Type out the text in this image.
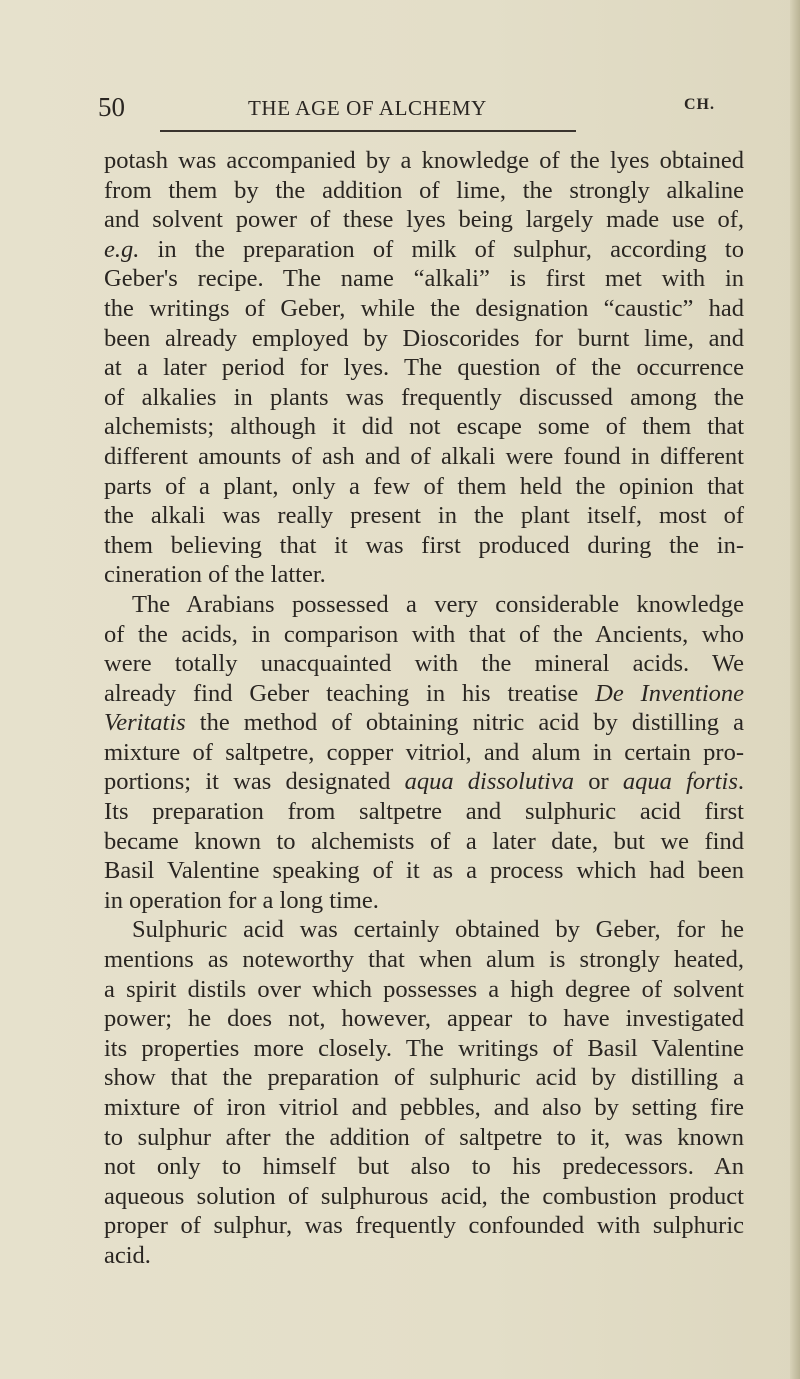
50	THE AGE OF ALCHEMY	CH.
potash was accompanied by a knowledge of the lyes obtained
from them by the addition of lime, the strongly alkaline
and solvent power of these lyes being largely made use of,
e.g. in the preparation of milk of sulphur, according to
Geber's recipe. The name “alkali” is first met with in
the writings of Geber, while the designation “caustic” had
been already employed by Dioscorides for burnt lime, and
at a later period for lyes. The question of the occurrence
of alkalies in plants was frequently discussed among the
alchemists; although it did not escape some of them that
different amounts of ash and of alkali were found in different
parts of a plant, only a few of them held the opinion that
the alkali was really present in the plant itself, most of
them believing that it was first produced during the in-
cineration of the latter.
The Arabians possessed a very considerable knowledge
of the acids, in comparison with that of the Ancients, who
were totally unacquainted with the mineral acids. We
already find Geber teaching in his treatise De Inventione
Veritatis the method of obtaining nitric acid by distilling a
mixture of saltpetre, copper vitriol, and alum in certain pro-
portions; it was designated aqua dissolutiva or aqua fortis.
Its preparation from saltpetre and sulphuric acid first
became known to alchemists of a later date, but we find
Basil Valentine speaking of it as a process which had been
in operation for a long time.
Sulphuric acid was certainly obtained by Geber, for he
mentions as noteworthy that when alum is strongly heated,
a spirit distils over which possesses a high degree of solvent
power; he does not, however, appear to have investigated
its properties more closely. The writings of Basil Valentine
show that the preparation of sulphuric acid by distilling a
mixture of iron vitriol and pebbles, and also by setting fire
to sulphur after the addition of saltpetre to it, was known
not only to himself but also to his predecessors. An
aqueous solution of sulphurous acid, the combustion product
proper of sulphur, was frequently confounded with sulphuric
acid.
